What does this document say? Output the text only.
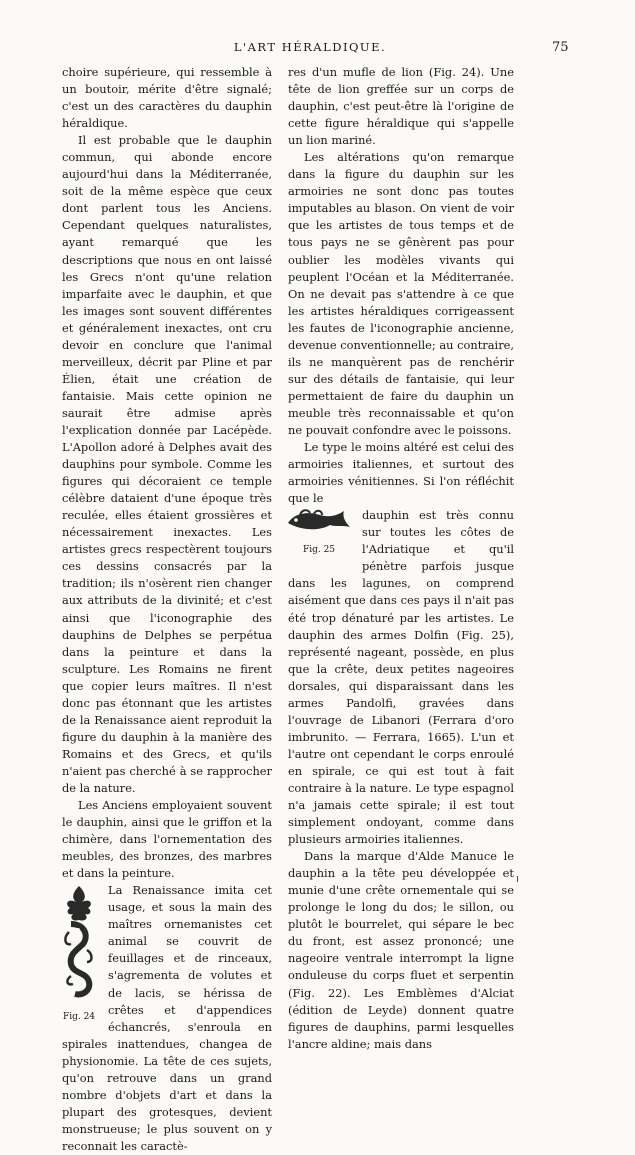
L'ART HÉRALDIQUE.	75

choire supérieure, qui ressemble à un boutoir, mérite d'être signalé; c'est un des caractères du dauphin héraldique.

Il est probable que le dauphin commun, qui abonde encore aujourd'hui dans la Méditerranée, soit de la même espèce que ceux dont parlent tous les Anciens. Cependant quelques naturalistes, ayant remarqué que les descriptions que nous en ont laissé les Grecs n'ont qu'une relation imparfaite avec le dauphin, et que les images sont souvent différentes et généralement inexactes, ont cru devoir en conclure que l'animal merveilleux, décrit par Pline et par Élien, était une création de fantaisie. Mais cette opinion ne saurait être admise après l'explication donnée par Lacépède. L'Apollon adoré à Delphes avait des dauphins pour symbole. Comme les figures qui décoraient ce temple célèbre dataient d'une époque très reculée, elles étaient grossières et nécessairement inexactes. Les artistes grecs respectèrent toujours ces dessins consacrés par la tradition; ils n'osèrent rien changer aux attributs de la divinité; et c'est ainsi que l'iconographie des dauphins de Delphes se perpétua dans la peinture et dans la sculpture. Les Romains ne firent que copier leurs maîtres. Il n'est donc pas étonnant que les artistes de la Renaissance aient reproduit la figure du dauphin à la manière des Romains et des Grecs, et qu'ils n'aient pas cherché à se rapprocher de la nature.

Les Anciens employaient souvent le dauphin, ainsi que le griffon et la chimère, dans l'ornementation des meubles, des bronzes, des marbres et dans la peinture.

Fig. 24

La Renaissance imita cet usage, et sous la main des maîtres ornemanistes cet animal se couvrit de feuillages et de rinceaux, s'agrementa de volutes et de lacis, se hérissa de crêtes et d'appendices échancrés, s'enroula en spirales inattendues, changea de physionomie. La tête de ces sujets, qu'on retrouve dans un grand nombre d'objets d'art et dans la plupart des grotesques, devient monstrueuse; le plus souvent on y reconnait les caractè-

res d'un mufle de lion (Fig. 24). Une tête de lion greffée sur un corps de dauphin, c'est peut-être là l'origine de cette figure héraldique qui s'appelle un lion mariné.

Les altérations qu'on remarque dans la figure du dauphin sur les armoiries ne sont donc pas toutes imputables au blason. On vient de voir que les artistes de tous temps et de tous pays ne se gênèrent pas pour oublier les modèles vivants qui peuplent l'Océan et la Méditerranée. On ne devait pas s'attendre à ce que les artistes héraldiques corrigeassent les fautes de l'iconographie ancienne, devenue conventionnelle; au contraire, ils ne manquèrent pas de renchérir sur des détails de fantaisie, qui leur permettaient de faire du dauphin un meuble très reconnaissable et qu'on ne pouvait confondre avec le poissons.

Le type le moins altéré est celui des armoiries italiennes, et surtout des armoiries vénitiennes. Si l'on réfléchit que le

Fig. 25

dauphin est très connu sur toutes les côtes de l'Adriatique et qu'il pénètre parfois jusque dans les lagunes, on comprend aisément que dans ces pays il n'ait pas été trop dénaturé par les artistes. Le dauphin des armes Dolfin (Fig. 25), représenté nageant, possède, en plus que la crête, deux petites nageoires dorsales, qui disparaissant dans les armes Pandolfi, gravées dans l'ouvrage de Libanori (Ferrara d'oro imbrunito. — Ferrara, 1665). L'un et l'autre ont cependant le corps enroulé en spirale, ce qui est tout à fait contraire à la nature. Le type espagnol n'a jamais cette spirale; il est tout simplement ondoyant, comme dans plusieurs armoiries italiennes.

Dans la marque d'Alde Manuce le dauphin a la tête peu développée et munie d'une crête ornementale qui se prolonge le long du dos; le sillon, ou plutôt le bourrelet, qui sépare le bec du front, est assez prononcé; une nageoire ventrale interrompt la ligne onduleuse du corps fluet et serpentin (Fig. 22). Les Emblèmes d'Alciat (édition de Leyde) donnent quatre figures de dauphins, parmi lesquelles l'ancre aldine; mais dans
